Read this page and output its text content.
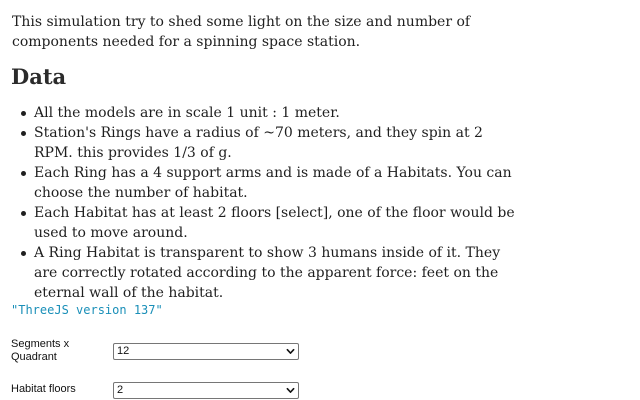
This simulation try to shed some light on the size and number of components needed for a spinning space station.

Data
All the models are in scale 1 unit : 1 meter.
Station's Rings have a radius of ~70 meters, and they spin at 2 RPM. this provides 1/3 of g.
Each Ring has a 4 support arms and is made of a Habitats. You can choose the number of habitat.
Each Habitat has at least 2 floors [select], one of the floor would be used to move around.
A Ring Habitat is transparent to show 3 humans inside of it. They are correctly rotated according to the apparent force: feet on the eternal wall of the habitat.
"ThreeJS version 137"
Segments x Quadrant	12
Habitat floors	2
